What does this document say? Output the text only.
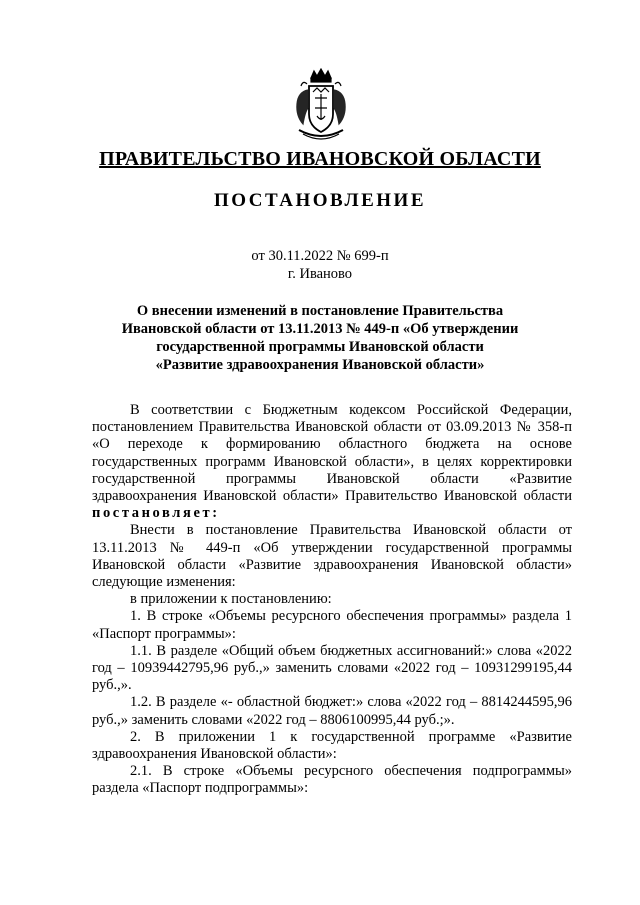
ПРАВИТЕЛЬСТВО ИВАНОВСКОЙ ОБЛАСТИ
ПОСТАНОВЛЕНИЕ
от 30.11.2022 № 699-п
г. Иваново
О внесении изменений в постановление Правительства
Ивановской области от 13.11.2013 № 449-п «Об утверждении
государственной программы Ивановской области
«Развитие здравоохранения Ивановской области»

В соответствии с Бюджетным кодексом Российской Федерации, постановлением Правительства Ивановской области от 03.09.2013 № 358-п «О переходе к формированию областного бюджета на основе государственных программ Ивановской области», в целях корректировки государственной программы Ивановской области «Развитие здравоохранения Ивановской области» Правительство Ивановской области постановляет:

Внести в постановление Правительства Ивановской области от 13.11.2013 № 449-п «Об утверждении государственной программы Ивановской области «Развитие здравоохранения Ивановской области» следующие изменения:

в приложении к постановлению:

1. В строке «Объемы ресурсного обеспечения программы» раздела 1 «Паспорт программы»:

1.1. В разделе «Общий объем бюджетных ассигнований:» слова «2022 год – 10939442795,96 руб.,» заменить словами «2022 год – 10931299195,44 руб.,».

1.2. В разделе «- областной бюджет:» слова «2022 год – 8814244595,96 руб.,» заменить словами «2022 год – 8806100995,44 руб.;».

2. В приложении 1 к государственной программе «Развитие здравоохранения Ивановской области»:

2.1. В строке «Объемы ресурсного обеспечения подпрограммы» раздела «Паспорт подпрограммы»:
